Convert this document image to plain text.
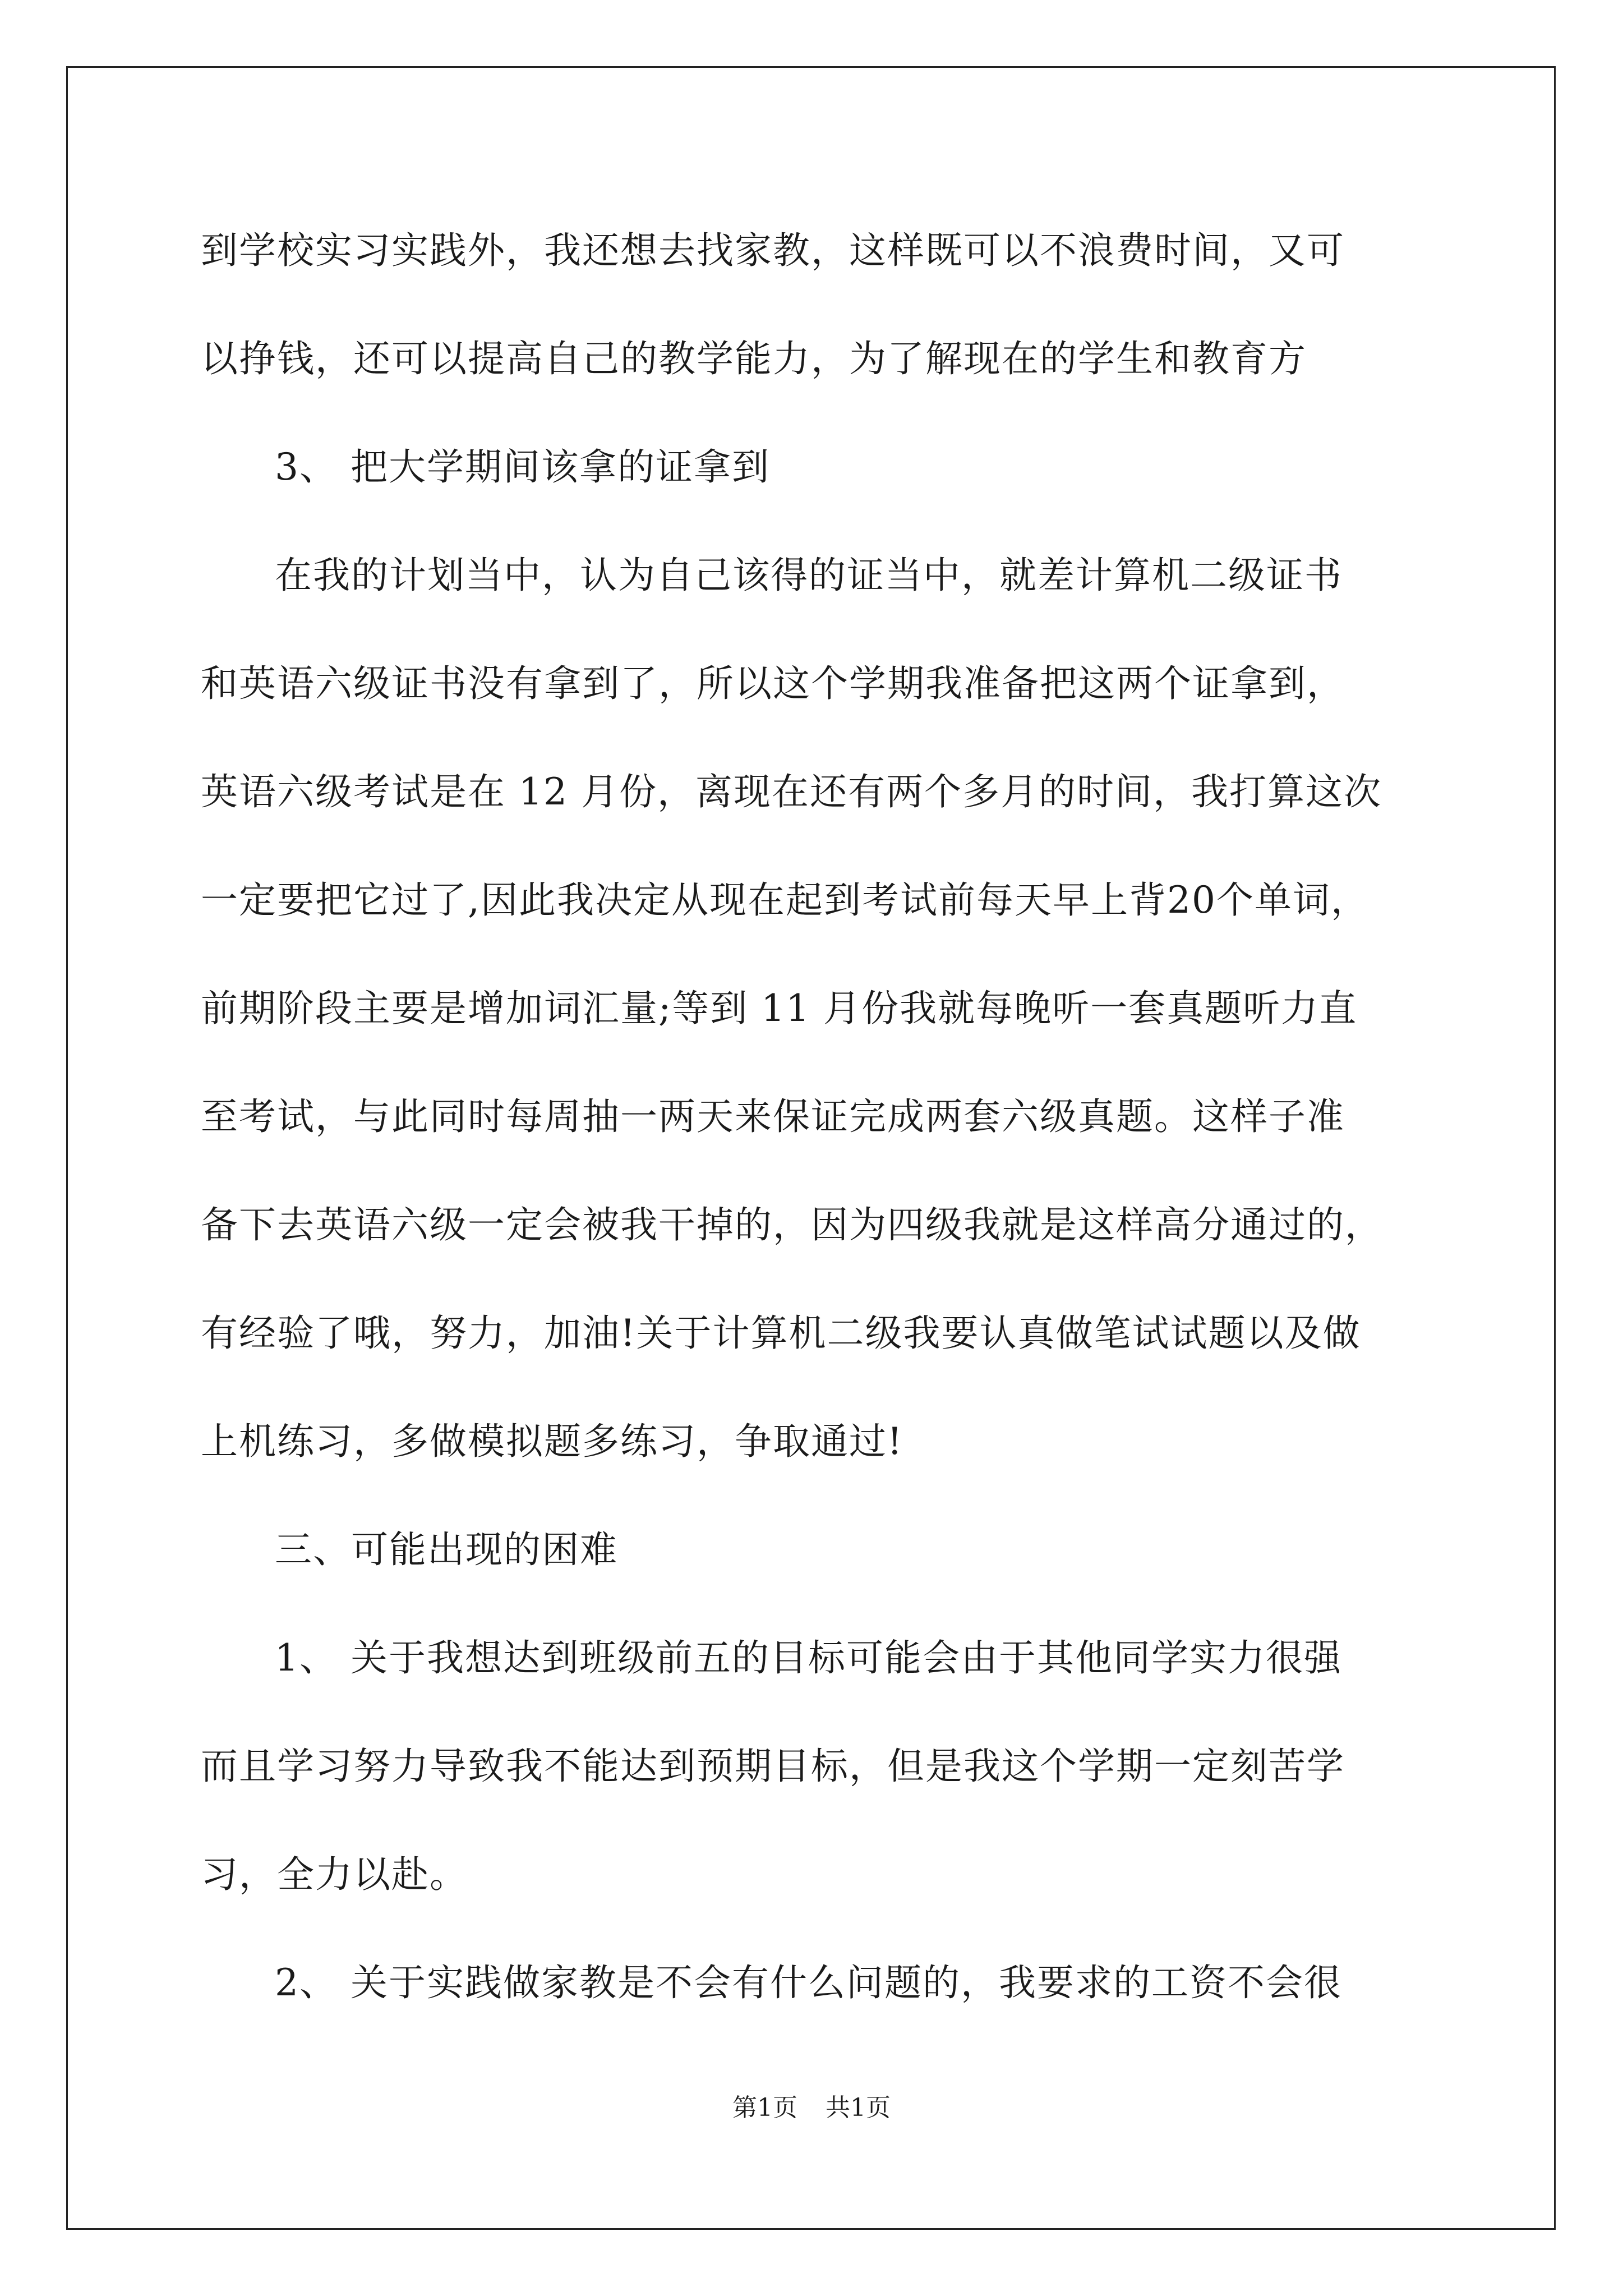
到学校实习实践外，我还想去找家教，这样既可以不浪费时间，又可
以挣钱，还可以提高自己的教学能力，为了解现在的学生和教育方
3、 把大学期间该拿的证拿到
在我的计划当中，认为自己该得的证当中，就差计算机二级证书
和英语六级证书没有拿到了，所以这个学期我准备把这两个证拿到，
英语六级考试是在 12 月份，离现在还有两个多月的时间，我打算这次
一定要把它过了,因此我决定从现在起到考试前每天早上背20个单词，
前期阶段主要是增加词汇量;等到 11 月份我就每晚听一套真题听力直
至考试，与此同时每周抽一两天来保证完成两套六级真题。这样子准
备下去英语六级一定会被我干掉的，因为四级我就是这样高分通过的，
有经验了哦，努力，加油!关于计算机二级我要认真做笔试试题以及做
上机练习，多做模拟题多练习，争取通过!
三、可能出现的困难
1、 关于我想达到班级前五的目标可能会由于其他同学实力很强
而且学习努力导致我不能达到预期目标，但是我这个学期一定刻苦学
习，全力以赴。
2、 关于实践做家教是不会有什么问题的，我要求的工资不会很
第1页 共1页
